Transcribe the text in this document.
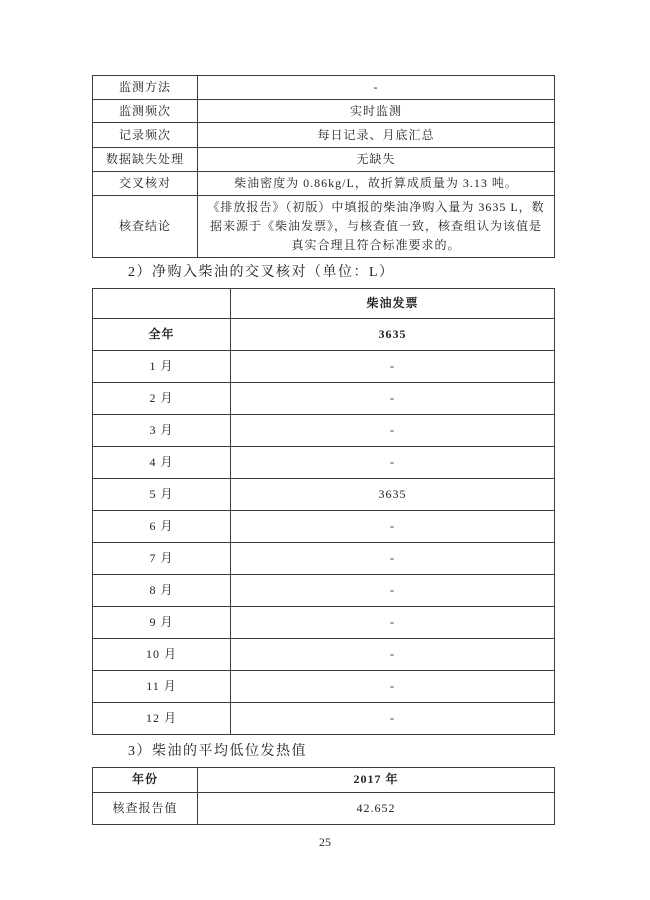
监测方法	-
监测频次	实时监测
记录频次	每日记录、月底汇总
数据缺失处理	无缺失
交叉核对	柴油密度为 0.86kg/L，故折算成质量为 3.13 吨。
核查结论	《排放报告》（初版）中填报的柴油净购入量为 3635 L，数据来源于《柴油发票》，与核查值一致，核查组认为该值是真实合理且符合标准要求的。
2）净购入柴油的交叉核对（单位：L）
	柴油发票
全年	3635
1 月	-
2 月	-
3 月	-
4 月	-
5 月	3635
6 月	-
7 月	-
8 月	-
9 月	-
10 月	-
11 月	-
12 月	-
3）柴油的平均低位发热值
年份	2017 年
核查报告值	42.652
25
